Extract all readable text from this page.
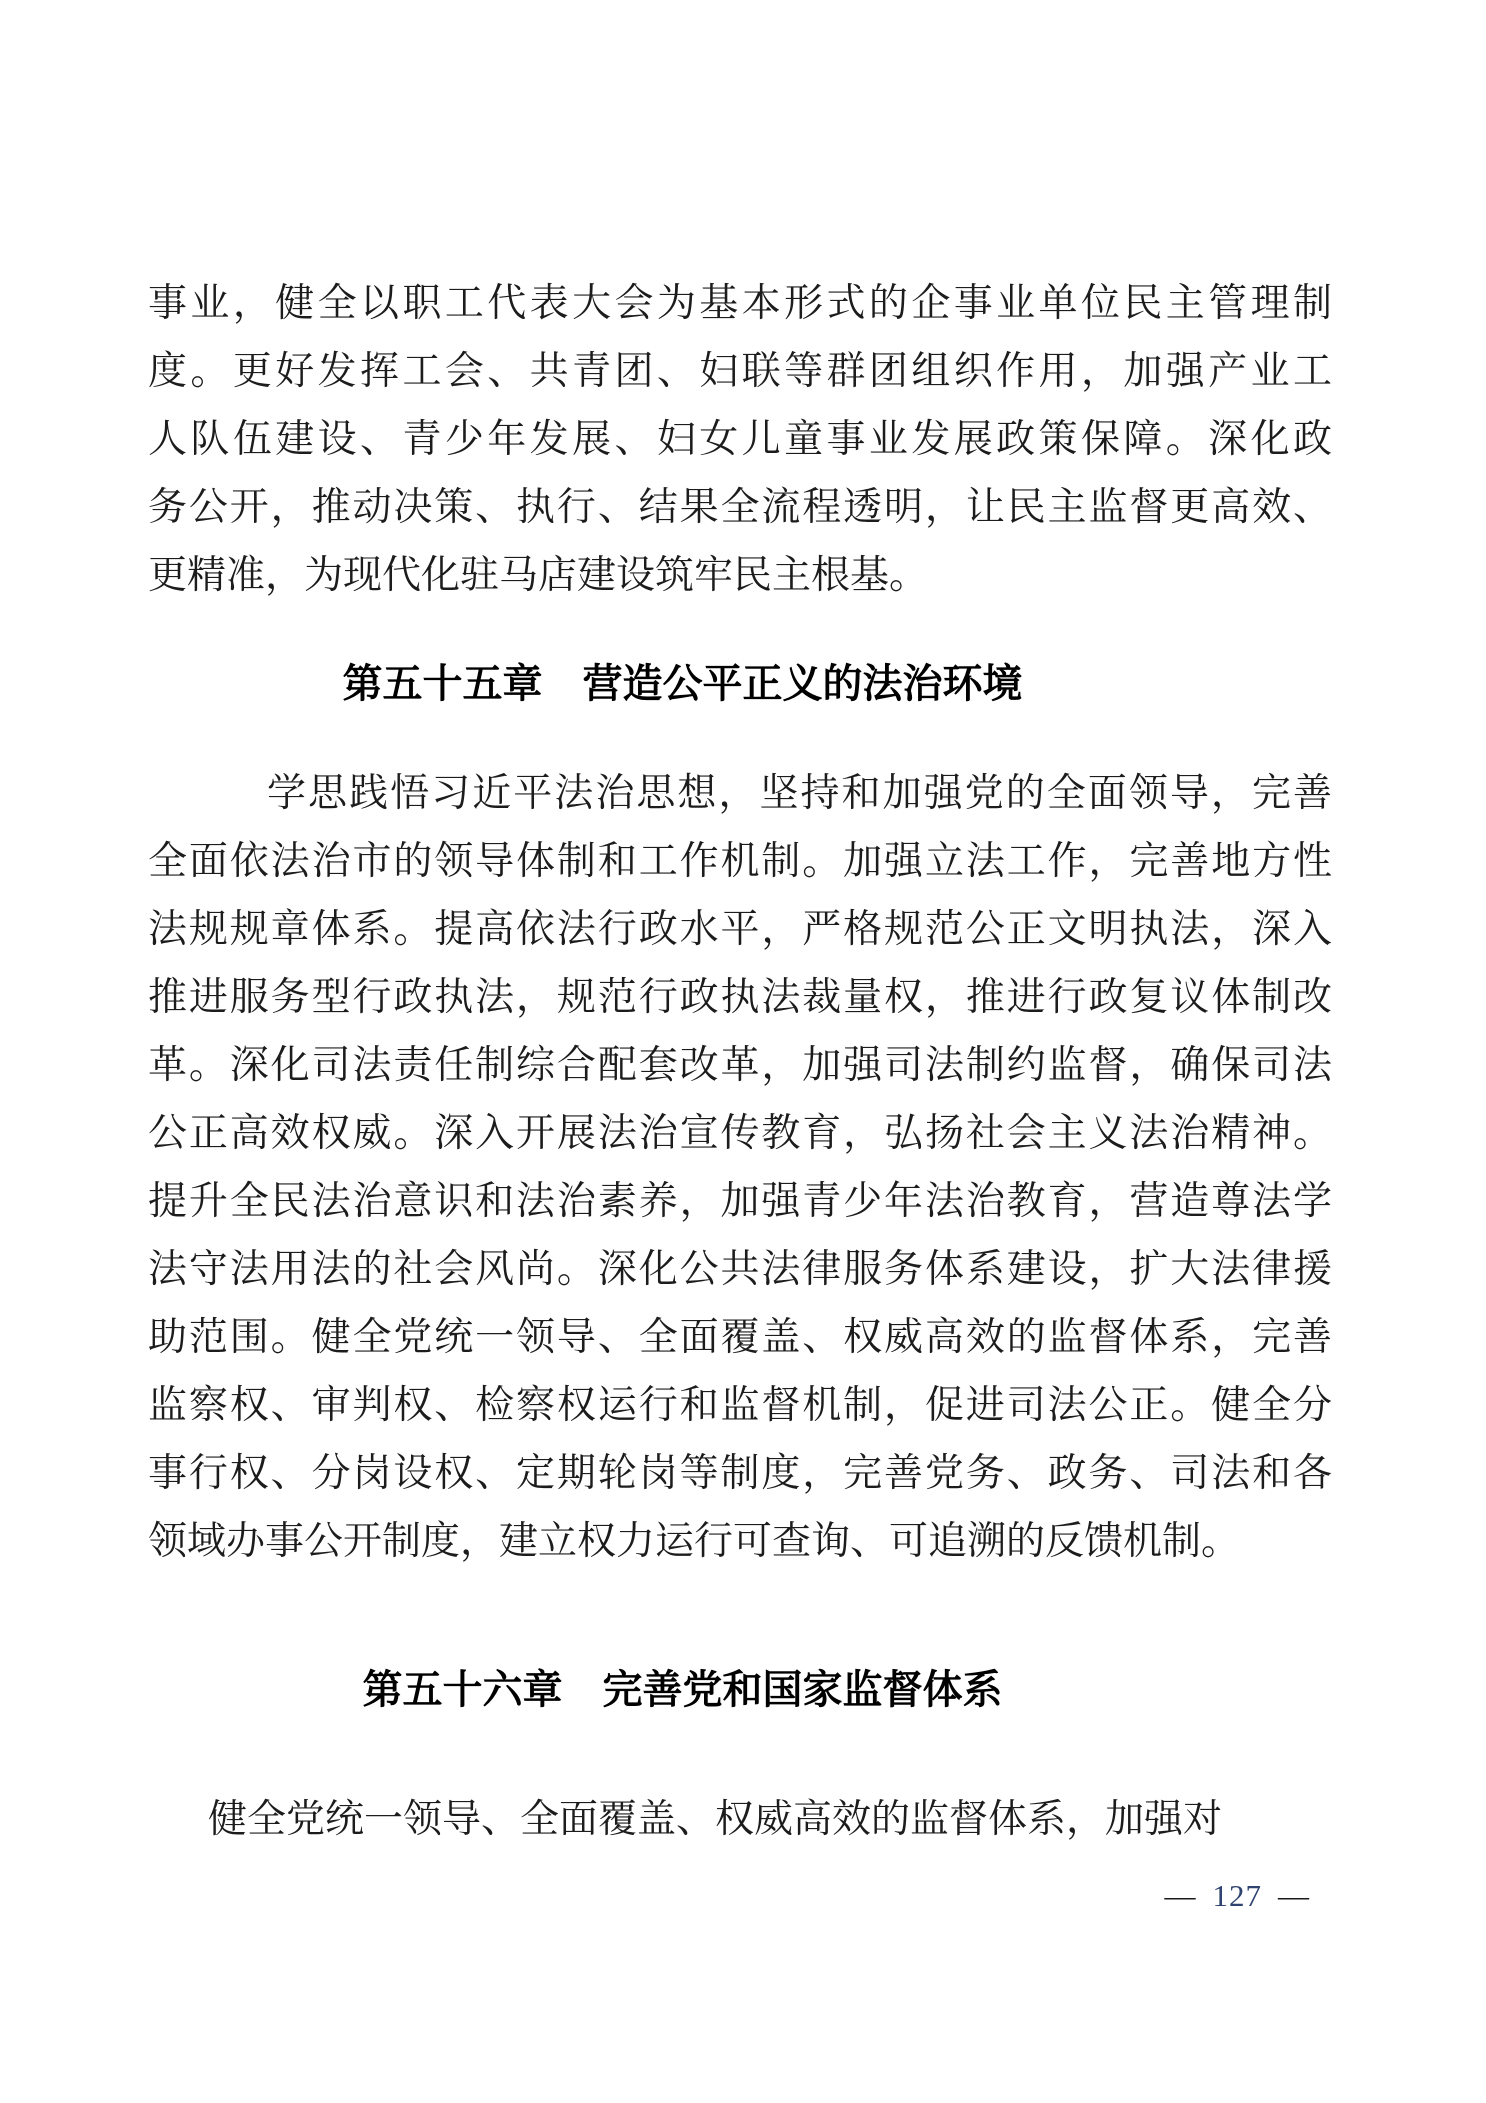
事业，健全以职工代表大会为基本形式的企事业单位民主管理制
度。更好发挥工会、共青团、妇联等群团组织作用，加强产业工
人队伍建设、青少年发展、妇女儿童事业发展政策保障。深化政
务公开，推动决策、执行、结果全流程透明，让民主监督更高效、
更精准，为现代化驻马店建设筑牢民主根基。
第五十五章 营造公平正义的法治环境
学思践悟习近平法治思想，坚持和加强党的全面领导，完善
全面依法治市的领导体制和工作机制。加强立法工作，完善地方性
法规规章体系。提高依法行政水平，严格规范公正文明执法，深入
推进服务型行政执法，规范行政执法裁量权，推进行政复议体制改
革。深化司法责任制综合配套改革，加强司法制约监督，确保司法
公正高效权威。深入开展法治宣传教育，弘扬社会主义法治精神。
提升全民法治意识和法治素养，加强青少年法治教育，营造尊法学
法守法用法的社会风尚。深化公共法律服务体系建设，扩大法律援
助范围。健全党统一领导、全面覆盖、权威高效的监督体系，完善
监察权、审判权、检察权运行和监督机制，促进司法公正。健全分
事行权、分岗设权、定期轮岗等制度，完善党务、政务、司法和各
领域办事公开制度，建立权力运行可查询、可追溯的反馈机制。
第五十六章 完善党和国家监督体系
健全党统一领导、全面覆盖、权威高效的监督体系，加强对
— 127 —
